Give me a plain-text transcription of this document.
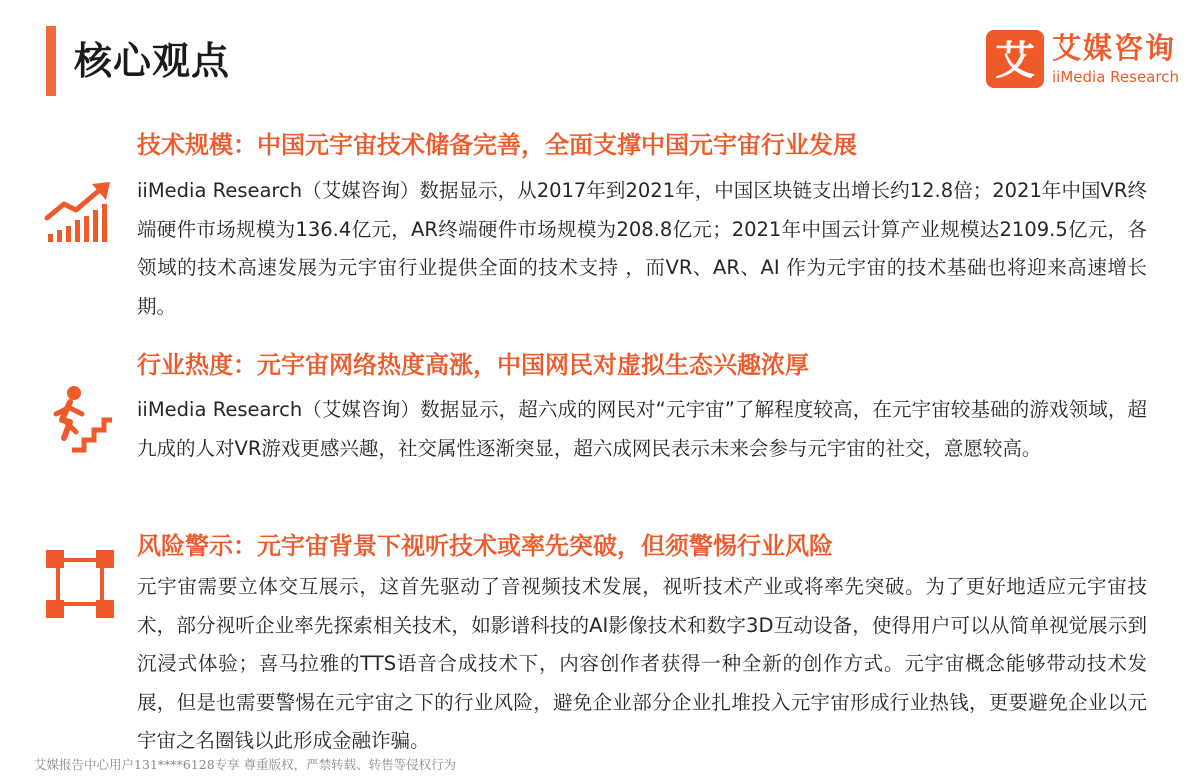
核心观点	艾 艾媒咨询
iiMedia Research
技术规模：中国元宇宙技术储备完善，全面支撑中国元宇宙行业发展
iiMedia Research（艾媒咨询）数据显示，从2017年到2021年，中国区块链支出增长约12.8倍；2021年中国VR终端硬件市场规模为136.4亿元，AR终端硬件市场规模为208.8亿元；2021年中国云计算产业规模达2109.5亿元，各领域的技术高速发展为元宇宙行业提供全面的技术支持 ，而VR、AR、AI 作为元宇宙的技术基础也将迎来高速增长期。
行业热度：元宇宙网络热度高涨，中国网民对虚拟生态兴趣浓厚
iiMedia Research（艾媒咨询）数据显示，超六成的网民对“元宇宙”了解程度较高，在元宇宙较基础的游戏领域，超九成的人对VR游戏更感兴趣，社交属性逐渐突显，超六成网民表示未来会参与元宇宙的社交，意愿较高。
风险警示：元宇宙背景下视听技术或率先突破，但须警惕行业风险
元宇宙需要立体交互展示，这首先驱动了音视频技术发展，视听技术产业或将率先突破。为了更好地适应元宇宙技术，部分视听企业率先探索相关技术，如影谱科技的AI影像技术和数字3D互动设备，使得用户可以从简单视觉展示到沉浸式体验；喜马拉雅的TTS语音合成技术下，内容创作者获得一种全新的创作方式。元宇宙概念能够带动技术发展，但是也需要警惕在元宇宙之下的行业风险，避免企业部分企业扎堆投入元宇宙形成行业热钱，更要避免企业以元宇宙之名圈钱以此形成金融诈骗。
艾媒报告中心用户131****6128专享 尊重版权，严禁转载、转售等侵权行为
